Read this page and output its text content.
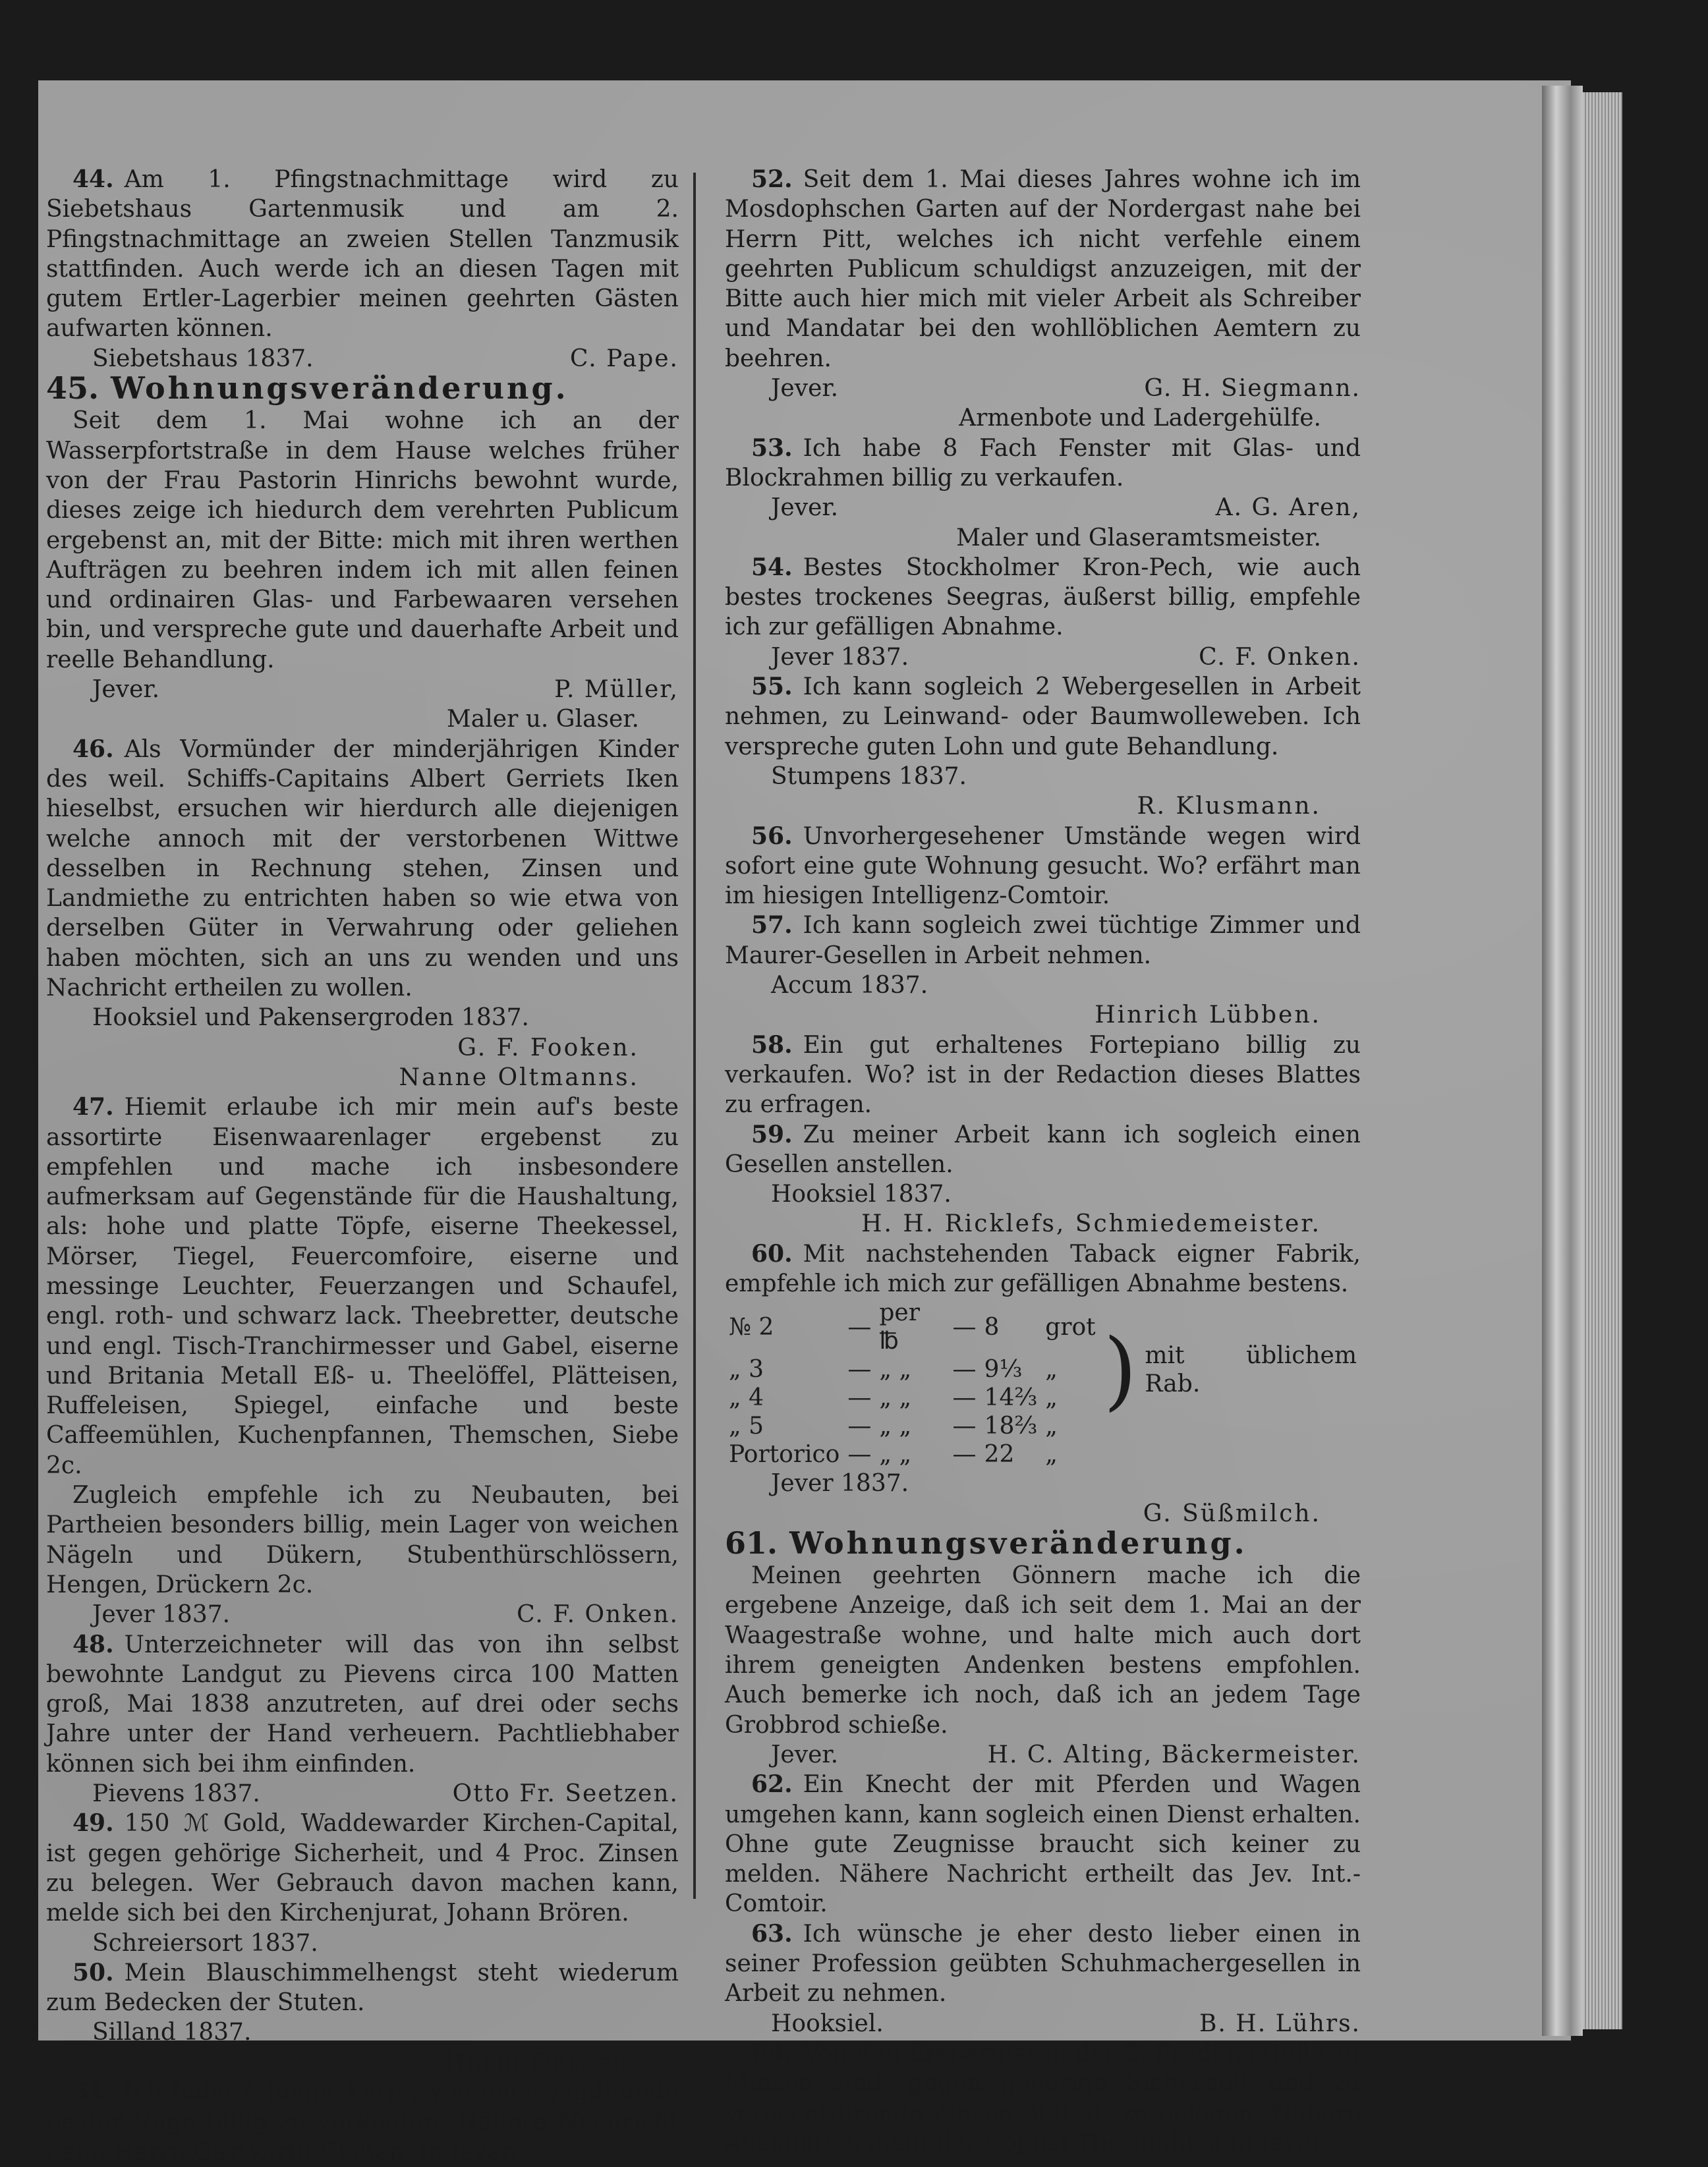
44. Am 1. Pfingstnachmittage wird zu Siebetshaus Gartenmusik und am 2. Pfingstnachmittage an zweien Stellen Tanzmusik stattfinden. Auch werde ich an diesen Tagen mit gutem Ertler-Lagerbier meinen geehrten Gästen aufwarten können.

Siebetshaus 1837.	C. Pape.
45. Wohnungsveränderung.

Seit dem 1. Mai wohne ich an der Wasserpfortstraße in dem Hause welches früher von der Frau Pastorin Hinrichs bewohnt wurde, dieses zeige ich hiedurch dem verehrten Publicum ergebenst an, mit der Bitte: mich mit ihren werthen Aufträgen zu beehren indem ich mit allen feinen und ordinairen Glas- und Farbewaaren versehen bin, und verspreche gute und dauerhafte Arbeit und reelle Behandlung.

Jever.	P. Müller,
Maler u. Glaser.

46. Als Vormünder der minderjährigen Kinder des weil. Schiffs-Capitains Albert Gerriets Iken hieselbst, ersuchen wir hierdurch alle diejenigen welche annoch mit der verstorbenen Wittwe desselben in Rechnung stehen, Zinsen und Landmiethe zu entrichten haben so wie etwa von derselben Güter in Verwahrung oder geliehen haben möchten, sich an uns zu wenden und uns Nachricht ertheilen zu wollen.

Hooksiel und Pakensergroden 1837.
G. F. Fooken.
Nanne Oltmanns.

47. Hiemit erlaube ich mir mein auf's beste assortirte Eisenwaarenlager ergebenst zu empfehlen und mache ich insbesondere aufmerksam auf Gegenstände für die Haushaltung, als: hohe und platte Töpfe, eiserne Theekessel, Mörser, Tiegel, Feuercomfoire, eiserne und messinge Leuchter, Feuerzangen und Schaufel, engl. roth- und schwarz lack. Theebretter, deutsche und engl. Tisch-Tranchirmesser und Gabel, eiserne und Britania Metall Eß- u. Theelöffel, Plätteisen, Ruffeleisen, Spiegel, einfache und beste Caffeemühlen, Kuchenpfannen, Themschen, Siebe 2c.

Zugleich empfehle ich zu Neubauten, bei Partheien besonders billig, mein Lager von weichen Nägeln und Dükern, Stubenthürschlössern, Hengen, Drückern 2c.

Jever 1837.	C. F. Onken.

48. Unterzeichneter will das von ihn selbst bewohnte Landgut zu Pievens circa 100 Matten groß, Mai 1838 anzutreten, auf drei oder sechs Jahre unter der Hand verheuern. Pachtliebhaber können sich bei ihm einfinden.

Pievens 1837.	Otto Fr. Seetzen.

49. 150 ℳ Gold, Waddewarder Kirchen-Capital, ist gegen gehörige Sicherheit, und 4 Proc. Zinsen zu belegen. Wer Gebrauch davon machen kann, melde sich bei den Kirchenjurat, Johann Brören.

Schreiersort 1837.

50. Mein Blauschimmelhengst steht wiederum zum Bedecken der Stuten.

Silland 1837.
Harm Oetken.

51. Ich habe 4 junge Karn-, wie auch Jagdhunde bester Rage billig zu verkaufen. Nähere Nachricht beim Herrn Gastwirth Claßen, in Jever.

52. Seit dem 1. Mai dieses Jahres wohne ich im Mosdophschen Garten auf der Nordergast nahe bei Herrn Pitt, welches ich nicht verfehle einem geehrten Publicum schuldigst anzuzeigen, mit der Bitte auch hier mich mit vieler Arbeit als Schreiber und Mandatar bei den wohllöblichen Aemtern zu beehren.

Jever.	G. H. Siegmann.
Armenbote und Ladergehülfe.

53. Ich habe 8 Fach Fenster mit Glas- und Blockrahmen billig zu verkaufen.

Jever.	A. G. Aren,
Maler und Glaseramtsmeister.

54. Bestes Stockholmer Kron-Pech, wie auch bestes trockenes Seegras, äußerst billig, empfehle ich zur gefälligen Abnahme.

Jever 1837.	C. F. Onken.

55. Ich kann sogleich 2 Webergesellen in Arbeit nehmen, zu Leinwand- oder Baumwolleweben. Ich verspreche guten Lohn und gute Behandlung.

Stumpens 1837.
R. Klusmann.

56. Unvorhergesehener Umstände wegen wird sofort eine gute Wohnung gesucht. Wo? erfährt man im hiesigen Intelligenz-Comtoir.

57. Ich kann sogleich zwei tüchtige Zimmer und Maurer-Gesellen in Arbeit nehmen.

Accum 1837.
Hinrich Lübben.

58. Ein gut erhaltenes Fortepiano billig zu verkaufen. Wo? ist in der Redaction dieses Blattes zu erfragen.

59. Zu meiner Arbeit kann ich sogleich einen Gesellen anstellen.

Hooksiel 1837.
H. H. Ricklefs, Schmiedemeister.

60. Mit nachstehenden Taback eigner Fabrik, empfehle ich mich zur gefälligen Abnahme bestens.

№ 2	—	per ℔	—	8	grot	)	mit üblichem Rab.
„ 3	—	„ „	—	9⅓	„		
„ 4	—	„ „	—	14⅔	„		
„ 5	—	„ „	—	18⅔	„		
Portorico	—	„ „	—	22	„		
Jever 1837.
G. Süßmilch.
61. Wohnungsveränderung.

Meinen geehrten Gönnern mache ich die ergebene Anzeige, daß ich seit dem 1. Mai an der Waagestraße wohne, und halte mich auch dort ihrem geneigten Andenken bestens empfohlen. Auch bemerke ich noch, daß ich an jedem Tage Grobbrod schieße.

Jever.	H. C. Alting, Bäckermeister.

62. Ein Knecht der mit Pferden und Wagen umgehen kann, kann sogleich einen Dienst erhalten. Ohne gute Zeugnisse braucht sich keiner zu melden. Nähere Nachricht ertheilt das Jev. Int.-Comtoir.

63. Ich wünsche je eher desto lieber einen in seiner Profession geübten Schuhmachergesellen in Arbeit zu nehmen.

Hooksiel.	B. H. Lührs.

64. Von den Ersparnissen der 2. Predigerstelle zu Minsen sind, gegen gehörige Sicherheit und zu veraccordirende Zinsen 500 ℳ, zu belegen. Nähere Auskunft ertheilt der Copiist Thormählen in Jever.
